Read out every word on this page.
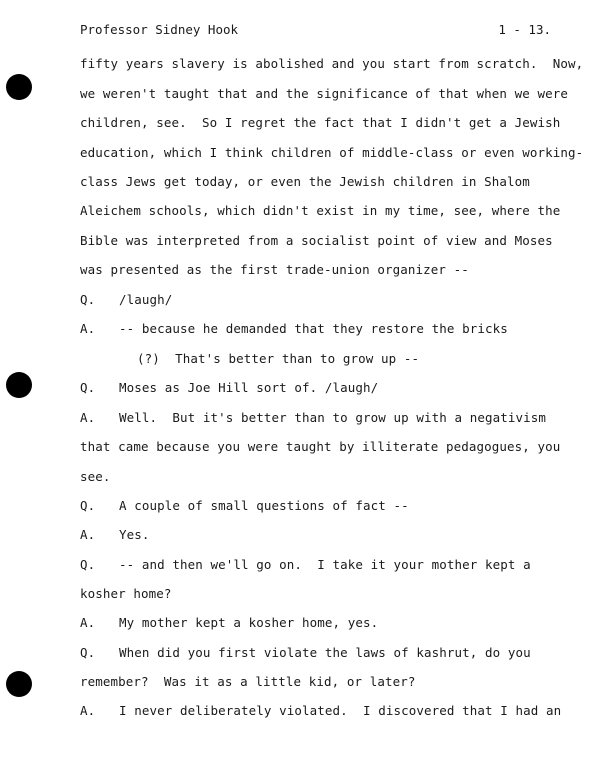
Professor Sidney Hook	1 - 13.
fifty years slavery is abolished and you start from scratch.  Now,
we weren't taught that and the significance of that when we were
children, see.  So I regret the fact that I didn't get a Jewish
education, which I think children of middle-class or even working-
class Jews get today, or even the Jewish children in Shalom
Aleichem schools, which didn't exist in my time, see, where the
Bible was interpreted from a socialist point of view and Moses
was presented as the first trade-union organizer --
Q. /laugh/
A. -- because he demanded that they restore the bricks
(?)  That's better than to grow up --
Q. Moses as Joe Hill sort of. /laugh/
A. Well.  But it's better than to grow up with a negativism
that came because you were taught by illiterate pedagogues, you
see.
Q. A couple of small questions of fact --
A. Yes.
Q. -- and then we'll go on.  I take it your mother kept a
kosher home?
A. My mother kept a kosher home, yes.
Q. When did you first violate the laws of kashrut, do you
remember?  Was it as a little kid, or later?
A. I never deliberately violated.  I discovered that I had an
